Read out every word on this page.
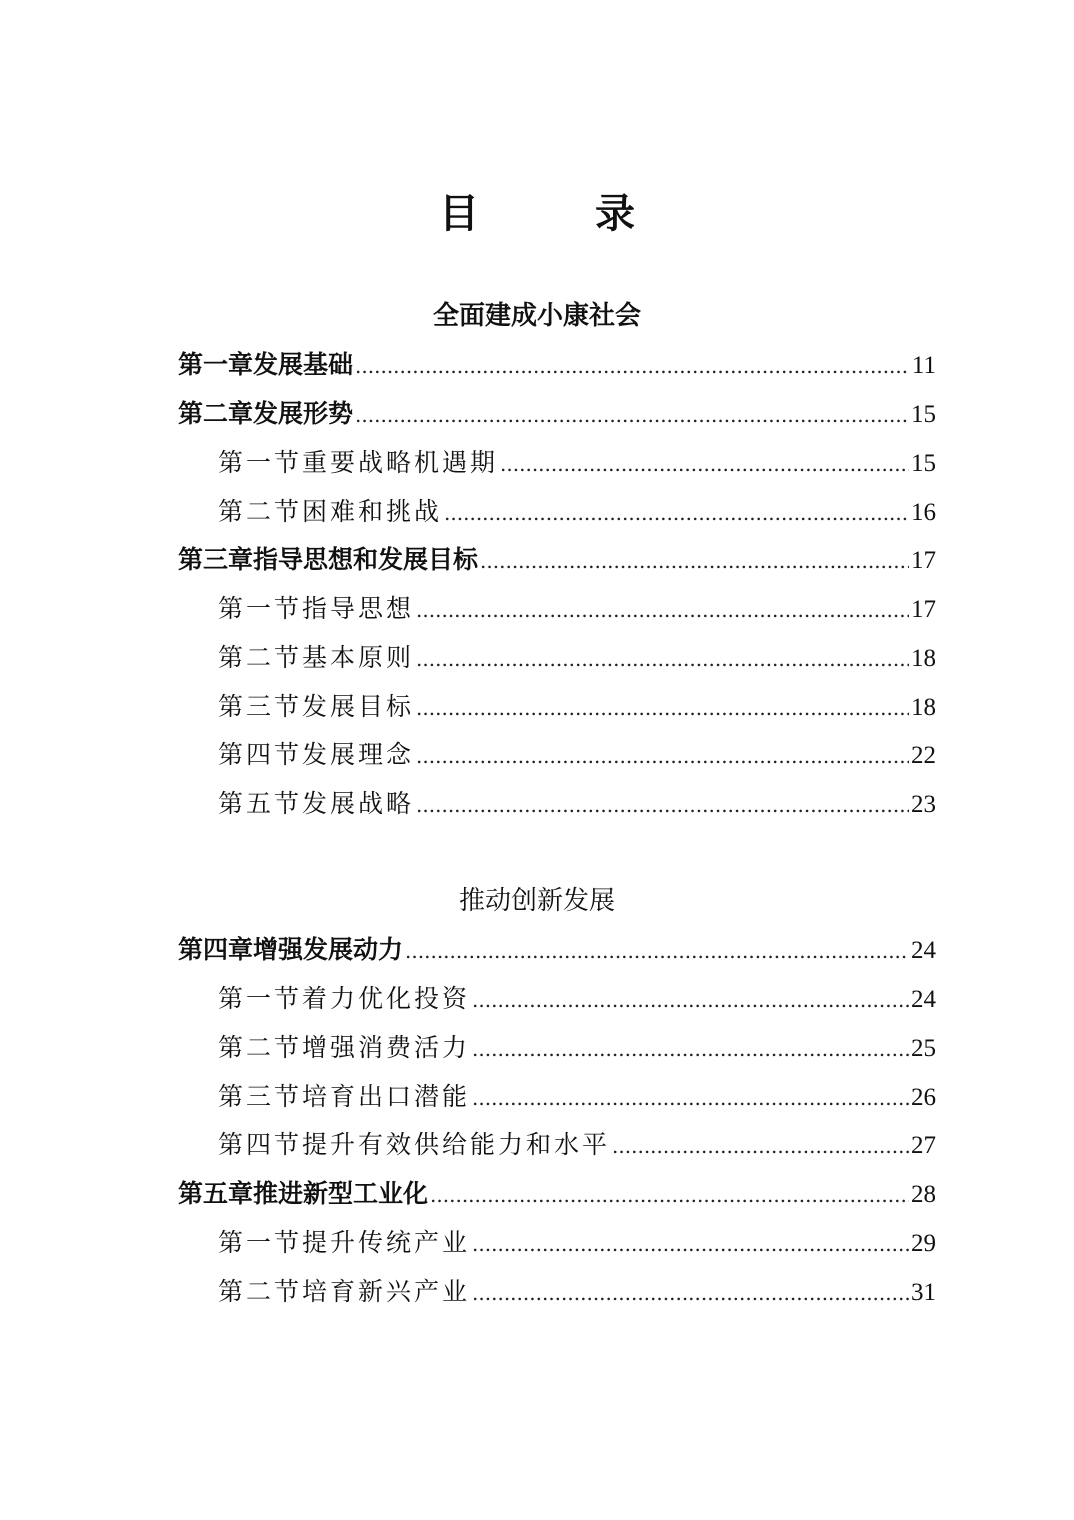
目　录
全面建成小康社会
第一章 发展基础 .....	11
第二章 发展形势 .....	15
第一节 重要战略机遇期 .....	15
第二节 困难和挑战 .....	16
第三章 指导思想和发展目标 .....	17
第一节 指导思想 .....	17
第二节 基本原则 .....	18
第三节 发展目标 .....	18
第四节 发展理念 .....	22
第五节 发展战略 .....	23
推动创新发展
第四章 增强发展动力 .....	24
第一节 着力优化投资 .....	24
第二节 增强消费活力 .....	25
第三节 培育出口潜能 .....	26
第四节 提升有效供给能力和水平 .....	27
第五章 推进新型工业化 .....	28
第一节 提升传统产业 .....	29
第二节 培育新兴产业 .....	31
